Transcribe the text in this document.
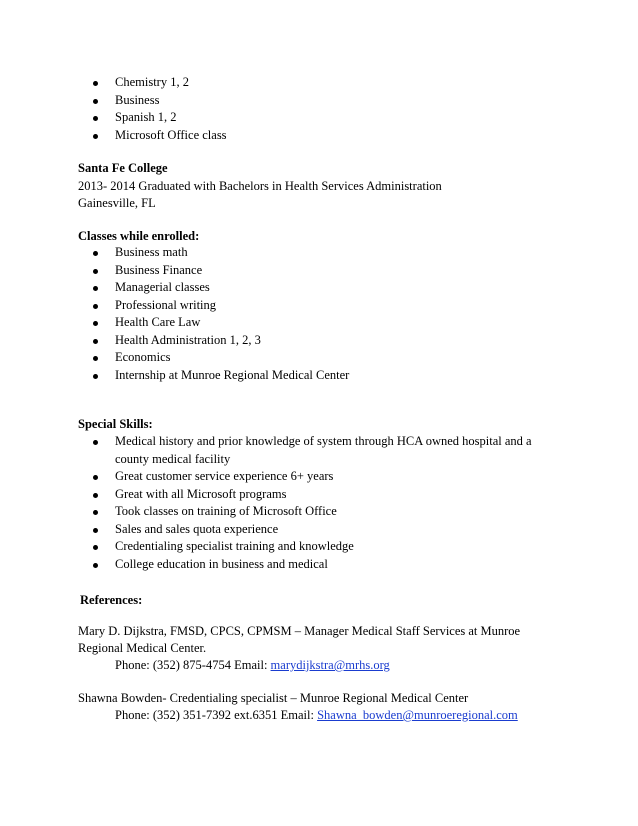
Chemistry 1, 2
Business
Spanish 1, 2
Microsoft Office class
Santa Fe College
2013- 2014 Graduated with Bachelors in Health Services Administration
Gainesville, FL
Classes while enrolled:
Business math
Business Finance
Managerial classes
Professional writing
Health Care Law
Health Administration 1, 2, 3
Economics
Internship at Munroe Regional Medical Center
Special Skills:
Medical history and prior knowledge of system through HCA owned hospital and a
county medical facility
Great customer service experience 6+ years
Great with all Microsoft programs
Took classes on training of Microsoft Office
Sales and sales quota experience
Credentialing specialist training and knowledge
College education in business and medical
References:
Mary D. Dijkstra, FMSD, CPCS, CPMSM – Manager Medical Staff Services at Munroe
Regional Medical Center.
Phone: (352) 875-4754 Email: marydijkstra@mrhs.org
Shawna Bowden- Credentialing specialist – Munroe Regional Medical Center
Phone: (352) 351-7392 ext.6351 Email: Shawna_bowden@munroeregional.com
